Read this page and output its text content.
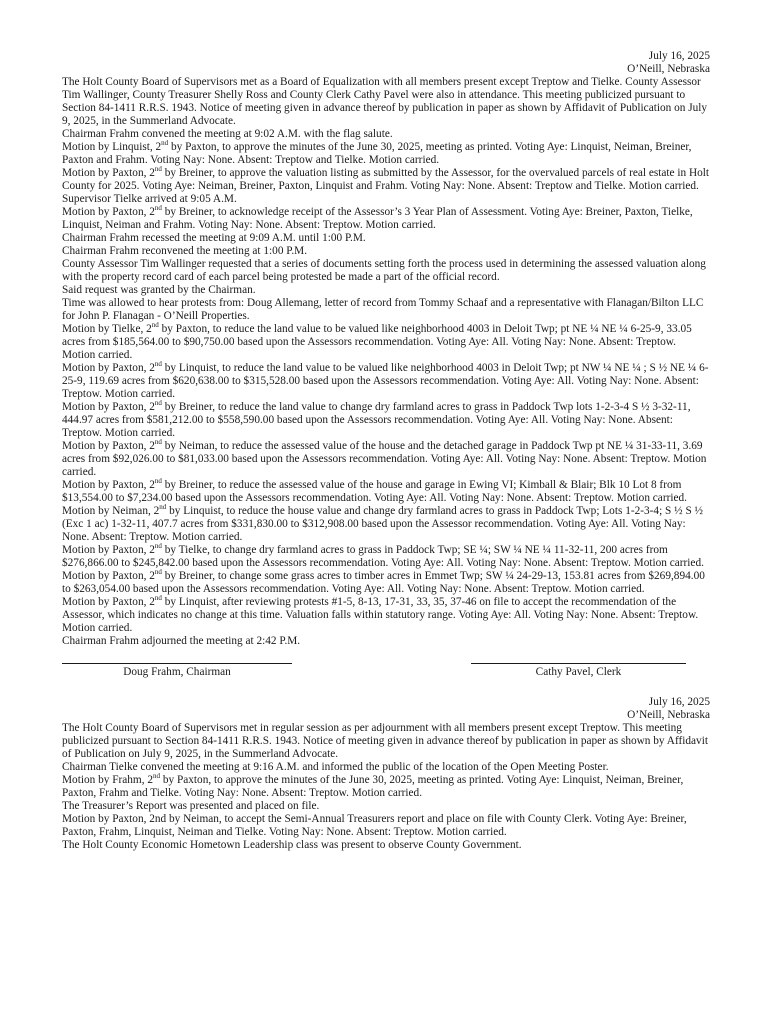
July 16, 2025
O’Neill, Nebraska

The Holt County Board of Supervisors met as a Board of Equalization with all members present except Treptow and Tielke. County Assessor Tim Wallinger, County Treasurer Shelly Ross and County Clerk Cathy Pavel were also in attendance. This meeting publicized pursuant to Section 84-1411 R.R.S. 1943. Notice of meeting given in advance thereof by publication in paper as shown by Affidavit of Publication on July 9, 2025, in the Summerland Advocate.

Chairman Frahm convened the meeting at 9:02 A.M. with the flag salute.

Motion by Linquist, 2nd by Paxton, to approve the minutes of the June 30, 2025, meeting as printed. Voting Aye: Linquist, Neiman, Breiner, Paxton and Frahm. Voting Nay: None. Absent: Treptow and Tielke. Motion carried.

Motion by Paxton, 2nd by Breiner, to approve the valuation listing as submitted by the Assessor, for the overvalued parcels of real estate in Holt County for 2025. Voting Aye: Neiman, Breiner, Paxton, Linquist and Frahm. Voting Nay: None. Absent: Treptow and Tielke. Motion carried.

Supervisor Tielke arrived at 9:05 A.M.

Motion by Paxton, 2nd by Breiner, to acknowledge receipt of the Assessor’s 3 Year Plan of Assessment. Voting Aye: Breiner, Paxton, Tielke, Linquist, Neiman and Frahm. Voting Nay: None. Absent: Treptow. Motion carried.

Chairman Frahm recessed the meeting at 9:09 A.M. until 1:00 P.M.

Chairman Frahm reconvened the meeting at 1:00 P.M.

County Assessor Tim Wallinger requested that a series of documents setting forth the process used in determining the assessed valuation along with the property record card of each parcel being protested be made a part of the official record.

Said request was granted by the Chairman.

Time was allowed to hear protests from: Doug Allemang, letter of record from Tommy Schaaf and a representative with Flanagan/Bilton LLC for John P. Flanagan - O’Neill Properties.

Motion by Tielke, 2nd by Paxton, to reduce the land value to be valued like neighborhood 4003 in Deloit Twp; pt NE ¼ NE ¼ 6-25-9, 33.05 acres from $185,564.00 to $90,750.00 based upon the Assessors recommendation. Voting Aye: All. Voting Nay: None. Absent: Treptow. Motion carried.

Motion by Paxton, 2nd by Linquist, to reduce the land value to be valued like neighborhood 4003 in Deloit Twp; pt NW ¼ NE ¼ ; S ½ NE ¼ 6-25-9, 119.69 acres from $620,638.00 to $315,528.00 based upon the Assessors recommendation. Voting Aye: All. Voting Nay: None. Absent: Treptow. Motion carried.

Motion by Paxton, 2nd by Breiner, to reduce the land value to change dry farmland acres to grass in Paddock Twp lots 1-2-3-4 S ½ 3-32-11, 444.97 acres from $581,212.00 to $558,590.00 based upon the Assessors recommendation. Voting Aye: All. Voting Nay: None. Absent: Treptow. Motion carried.

Motion by Paxton, 2nd by Neiman, to reduce the assessed value of the house and the detached garage in Paddock Twp pt NE ¼ 31-33-11, 3.69 acres from $92,026.00 to $81,033.00 based upon the Assessors recommendation. Voting Aye: All. Voting Nay: None. Absent: Treptow. Motion carried.

Motion by Paxton, 2nd by Breiner, to reduce the assessed value of the house and garage in Ewing VI; Kimball & Blair; Blk 10 Lot 8 from $13,554.00 to $7,234.00 based upon the Assessors recommendation. Voting Aye: All. Voting Nay: None. Absent: Treptow. Motion carried.

Motion by Neiman, 2nd by Linquist, to reduce the house value and change dry farmland acres to grass in Paddock Twp; Lots 1-2-3-4; S ½ S ½ (Exc 1 ac) 1-32-11, 407.7 acres from $331,830.00 to $312,908.00 based upon the Assessor recommendation. Voting Aye: All. Voting Nay: None. Absent: Treptow. Motion carried.

Motion by Paxton, 2nd by Tielke, to change dry farmland acres to grass in Paddock Twp; SE ¼; SW ¼ NE ¼ 11-32-11, 200 acres from $276,866.00 to $245,842.00 based upon the Assessors recommendation. Voting Aye: All. Voting Nay: None. Absent: Treptow. Motion carried.

Motion by Paxton, 2nd by Breiner, to change some grass acres to timber acres in Emmet Twp; SW ¼ 24-29-13, 153.81 acres from $269,894.00 to $263,054.00 based upon the Assessors recommendation. Voting Aye: All. Voting Nay: None. Absent: Treptow. Motion carried.

Motion by Paxton, 2nd by Linquist, after reviewing protests #1-5, 8-13, 17-31, 33, 35, 37-46 on file to accept the recommendation of the Assessor, which indicates no change at this time. Valuation falls within statutory range. Voting Aye: All. Voting Nay: None. Absent: Treptow. Motion carried.

Chairman Frahm adjourned the meeting at 2:42 P.M.

Doug Frahm, Chairman	Cathy Pavel, Clerk
July 16, 2025
O’Neill, Nebraska

The Holt County Board of Supervisors met in regular session as per adjournment with all members present except Treptow. This meeting publicized pursuant to Section 84-1411 R.R.S. 1943. Notice of meeting given in advance thereof by publication in paper as shown by Affidavit of Publication on July 9, 2025, in the Summerland Advocate.

Chairman Tielke convened the meeting at 9:16 A.M. and informed the public of the location of the Open Meeting Poster.

Motion by Frahm, 2nd by Paxton, to approve the minutes of the June 30, 2025, meeting as printed. Voting Aye: Linquist, Neiman, Breiner, Paxton, Frahm and Tielke. Voting Nay: None. Absent: Treptow. Motion carried.

The Treasurer’s Report was presented and placed on file.

Motion by Paxton, 2nd by Neiman, to accept the Semi-Annual Treasurers report and place on file with County Clerk. Voting Aye: Breiner, Paxton, Frahm, Linquist, Neiman and Tielke. Voting Nay: None. Absent: Treptow. Motion carried.

The Holt County Economic Hometown Leadership class was present to observe County Government.
